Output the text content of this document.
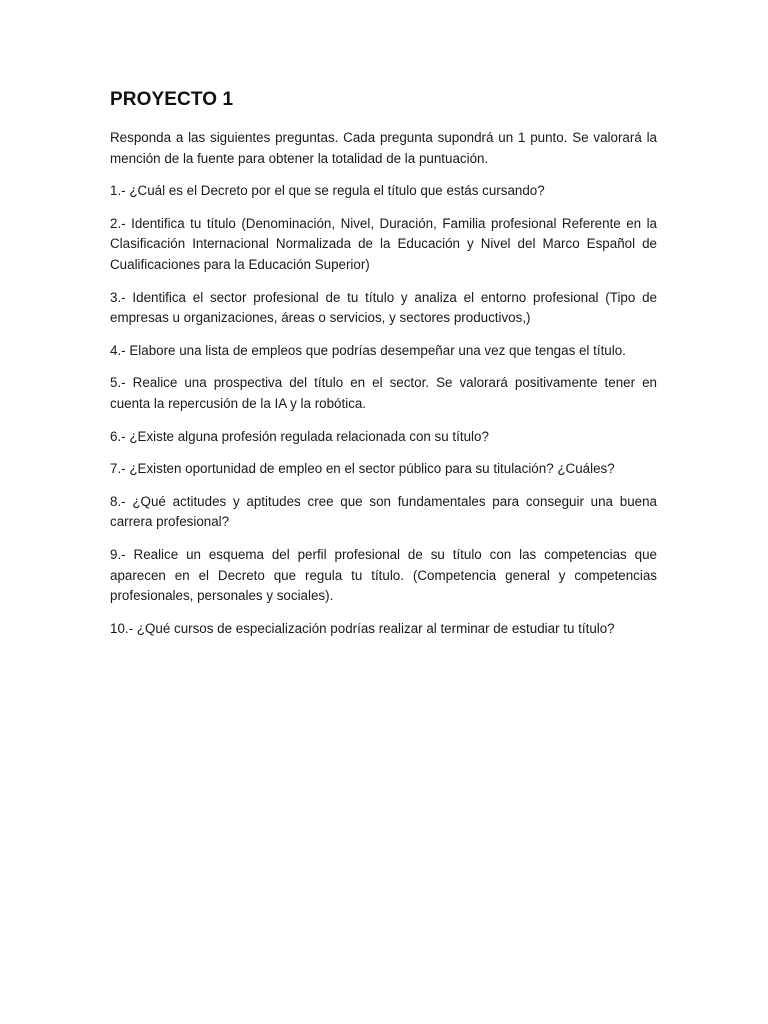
PROYECTO 1

Responda a las siguientes preguntas. Cada pregunta supondrá un 1 punto. Se valorará la mención de la fuente para obtener la totalidad de la puntuación.

1.- ¿Cuál es el Decreto por el que se regula el título que estás cursando?

2.- Identifica tu título (Denominación, Nivel, Duración, Familia profesional Referente en la Clasificación Internacional Normalizada de la Educación y Nivel del Marco Español de Cualificaciones para la Educación Superior)

3.- Identifica el sector profesional de tu título y analiza el entorno profesional (Tipo de empresas u organizaciones, áreas o servicios, y sectores productivos,)

4.- Elabore una lista de empleos que podrías desempeñar una vez que tengas el título.

5.- Realice una prospectiva del título en el sector. Se valorará positivamente tener en cuenta la repercusión de la IA y la robótica.

6.- ¿Existe alguna profesión regulada relacionada con su título?

7.- ¿Existen oportunidad de empleo en el sector público para su titulación? ¿Cuáles?

8.- ¿Qué actitudes y aptitudes cree que son fundamentales para conseguir una buena carrera profesional?

9.- Realice un esquema del perfil profesional de su título con las competencias que aparecen en el Decreto que regula tu título. (Competencia general y competencias profesionales, personales y sociales).

10.- ¿Qué cursos de especialización podrías realizar al terminar de estudiar tu título?
